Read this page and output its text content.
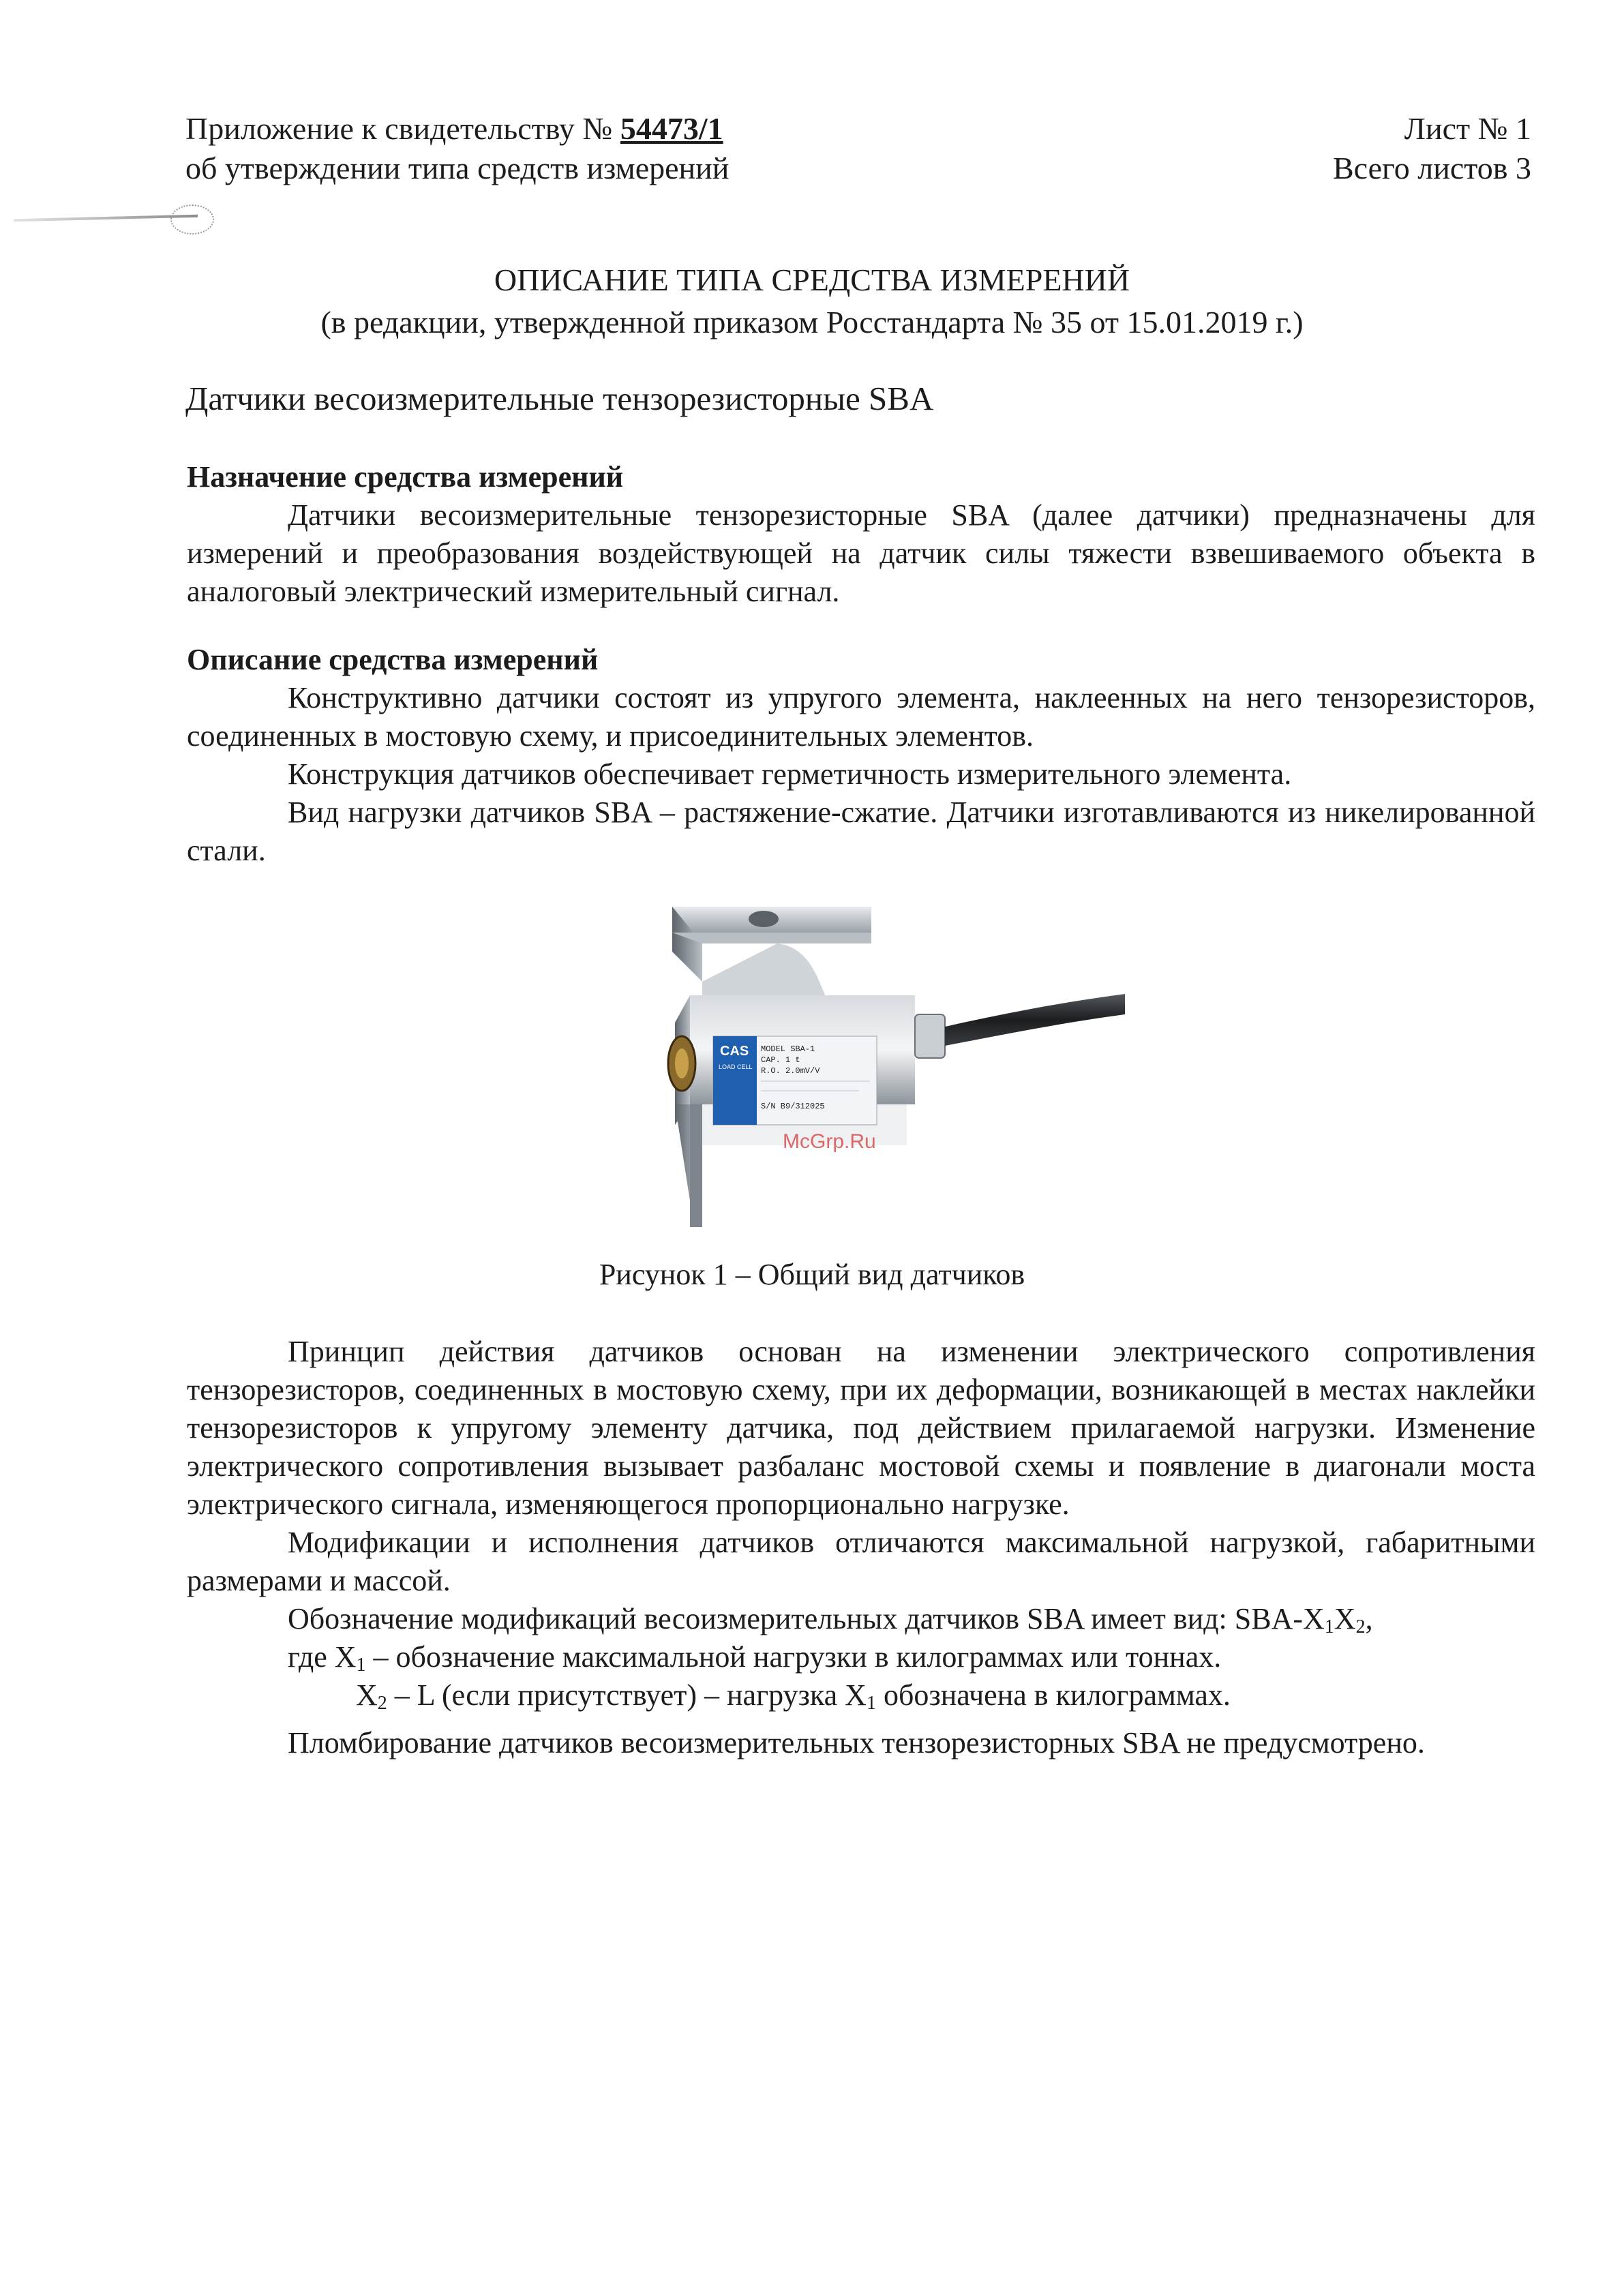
Приложение к свидетельству № 54473/1
об утверждении типа средств измерений
Лист № 1
Всего листов 3
ОПИСАНИЕ ТИПА СРЕДСТВА ИЗМЕРЕНИЙ
(в редакции, утвержденной приказом Росстандарта № 35 от 15.01.2019 г.)
Датчики весоизмерительные тензорезисторные SBA
Назначение средства измерений

Датчики весоизмерительные тензорезисторные SBA (далее датчики) предназначены для измерений и преобразования воздействующей на датчик силы тяжести взвешиваемого объекта в аналоговый электрический измерительный сигнал.

Описание средства измерений

Конструктивно датчики состоят из упругого элемента, наклеенных на него тензорезисторов, соединенных в мостовую схему, и присоединительных элементов.

Конструкция датчиков обеспечивает герметичность измерительного элемента.

Вид нагрузки датчиков SBA – растяжение-сжатие. Датчики изготавливаются из никелированной стали.

CAS
LOAD CELL
MODEL SBA-1
CAP. 1 t
R.O. 2.0mV/V
S/N B9/312025
McGrp.Ru
Рисунок 1 – Общий вид датчиков

Принцип действия датчиков основан на изменении электрического сопротивления тензорезисторов, соединенных в мостовую схему, при их деформации, возникающей в местах наклейки тензорезисторов к упругому элементу датчика, под действием прилагаемой нагрузки. Изменение электрического сопротивления вызывает разбаланс мостовой схемы и появление в диагонали моста электрического сигнала, изменяющегося пропорционально нагрузке.

Модификации и исполнения датчиков отличаются максимальной нагрузкой, габаритными размерами и массой.

Обозначение модификаций весоизмерительных датчиков SBA имеет вид: SBA-$X_1X_2$,

где $X_1$ – обозначение максимальной нагрузки в килограммах или тоннах.

$X_2$ – L (если присутствует) – нагрузка $X_1$ обозначена в килограммах.

Пломбирование датчиков весоизмерительных тензорезисторных SBA не предусмотрено.
